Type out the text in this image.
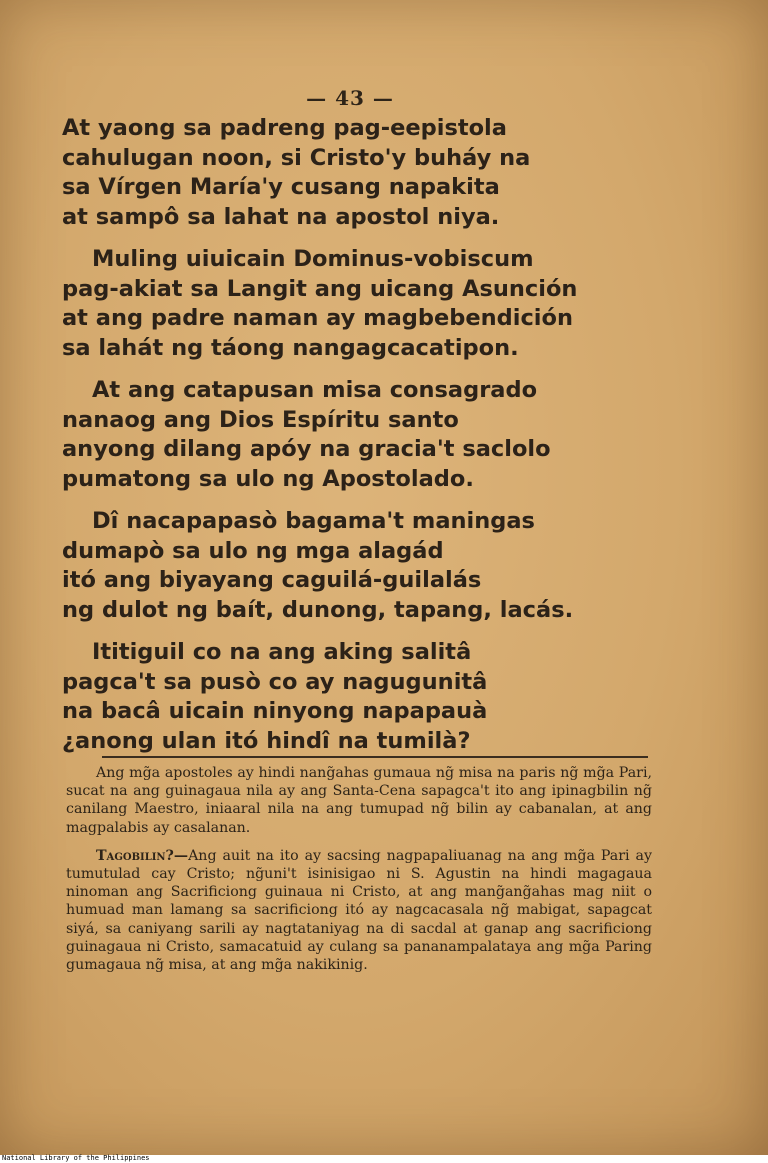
— 43 —
At yaong sa padreng pag-eepistola
cahulugan noon, si Cristo'y buháy na
sa Vírgen María'y cusang napakita
at sampô sa lahat na apostol niya.
Muling uiuicain Dominus-vobiscum
pag-akiat sa Langit ang uicang Asunción
at ang padre naman ay magbebendición
sa lahát ng táong nangagcacatipon.
At ang catapusan misa consagrado
nanaog ang Dios Espíritu santo
anyong dilang apóy na gracia't saclolo
pumatong sa ulo ng Apostolado.
Dî nacapapasò bagama't maningas
dumapò sa ulo ng mga alagád
itó ang biyayang caguilá-guilalás
ng dulot ng baít, dunong, tapang, lacás.
Ititiguil co na ang aking salitâ
pagca't sa pusò co ay nagugunitâ
na bacâ uicain ninyong napapauà
¿anong ulan itó hindî na tumilà?

Ang mg̃a apostoles ay hindi nang̃ahas gumaua ng̃ misa na paris ng̃ mg̃a Pari, sucat na ang guinagaua nila ay ang Santa-Cena sapagca't ito ang ipinagbilin ng̃ canilang Maestro, iniaaral nila na ang tumupad ng̃ bilin ay cabanalan, at ang magpalabis ay casalanan.

Tagobilin?—Ang auit na ito ay sacsing nagpapaliuanag na ang mg̃a Pari ay tumutulad cay Cristo; ng̃uni't isinisigao ni S. Agustin na hindi magagaua ninoman ang Sacrificiong guinaua ni Cristo, at ang mang̃ang̃ahas mag niit o humuad man lamang sa sacrificiong itó ay nagcacasala ng̃ mabigat, sapagcat siyá, sa caniyang sarili ay nagtataniyag na di sacdal at ganap ang sacrificiong guinagaua ni Cristo, samacatuid ay culang sa pananampalataya ang mg̃a Paring gumagaua ng̃ misa, at ang mg̃a nakikinig.

National Library of the Philippines
